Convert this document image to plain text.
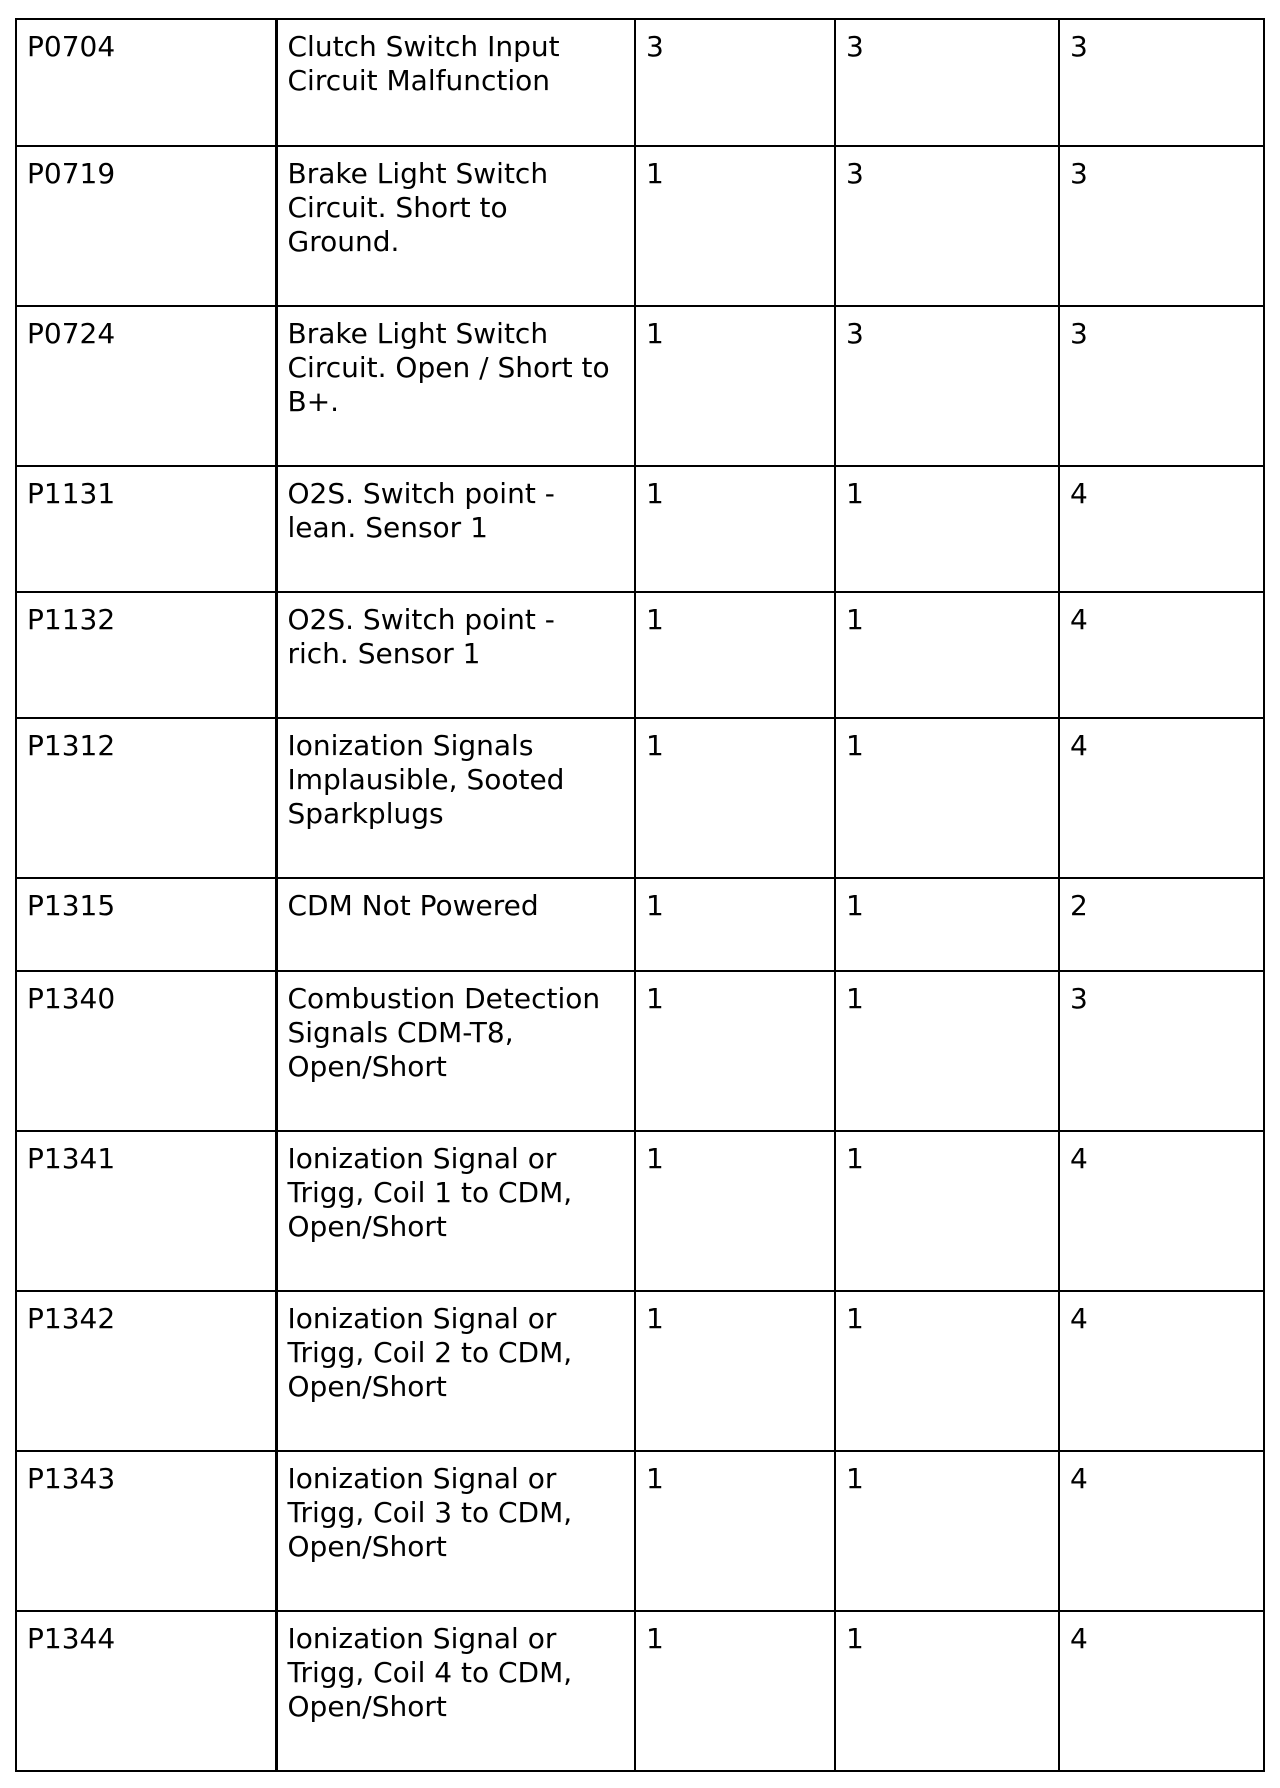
P0704	Clutch Switch Input Circuit Malfunction	3	3	3
P0719	Brake Light Switch Circuit. Short to Ground.	1	3	3
P0724	Brake Light Switch Circuit. Open / Short to B+.	1	3	3
P1131	O2S. Switch point - lean. Sensor 1	1	1	4
P1132	O2S. Switch point - rich. Sensor 1	1	1	4
P1312	Ionization Signals Implausible, Sooted Sparkplugs	1	1	4
P1315	CDM Not Powered	1	1	2
P1340	Combustion Detection Signals CDM-T8, Open/Short	1	1	3
P1341	Ionization Signal or Trigg, Coil 1 to CDM, Open/Short	1	1	4
P1342	Ionization Signal or Trigg, Coil 2 to CDM, Open/Short	1	1	4
P1343	Ionization Signal or Trigg, Coil 3 to CDM, Open/Short	1	1	4
P1344	Ionization Signal or Trigg, Coil 4 to CDM, Open/Short	1	1	4
